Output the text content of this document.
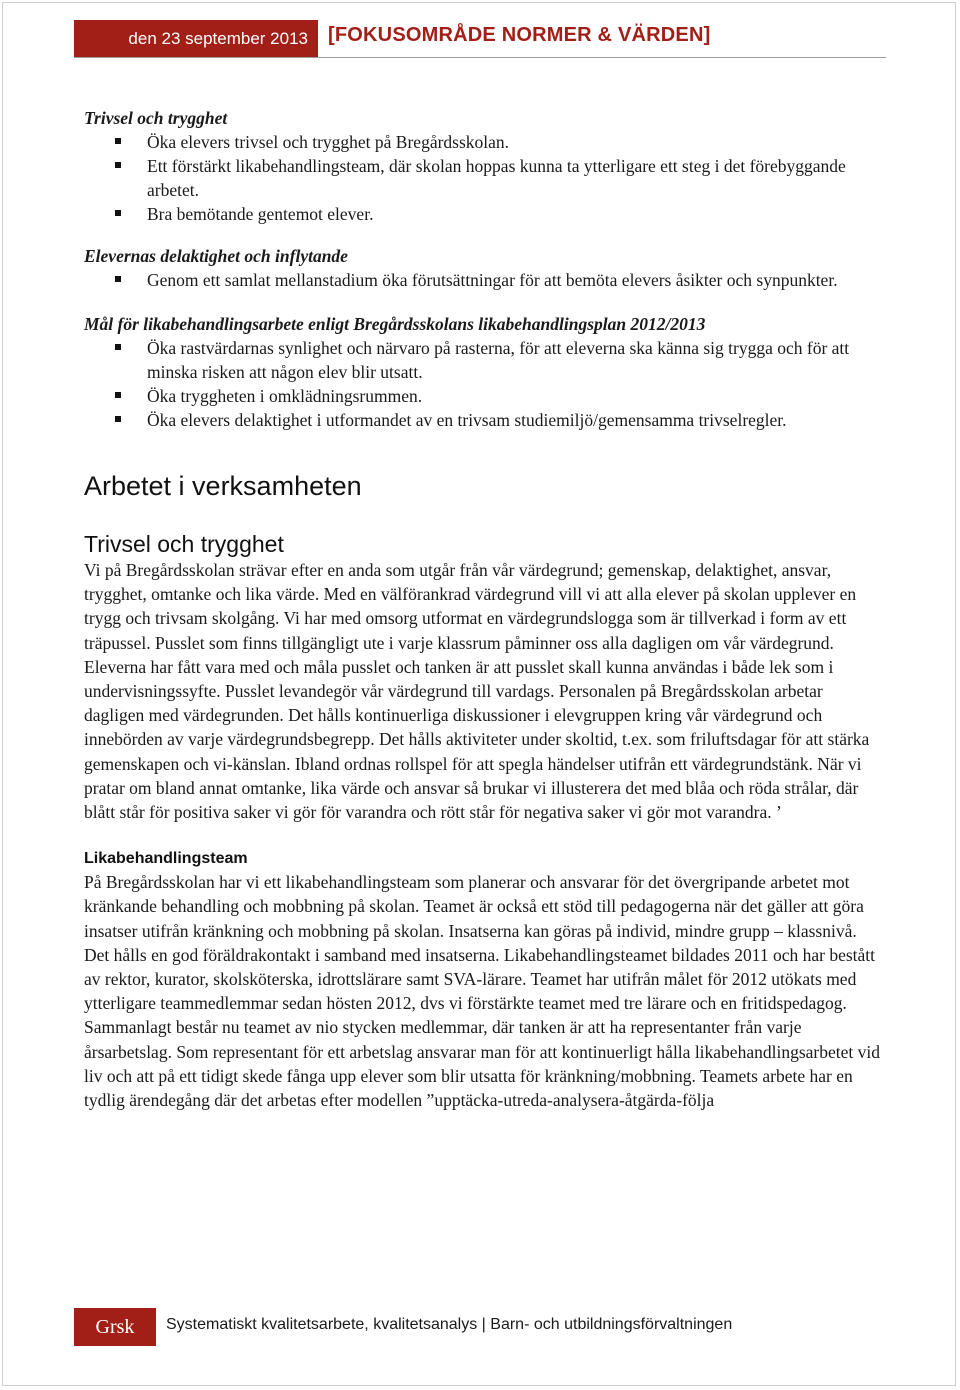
den 23 september 2013	[FOKUSOMRÅDE NORMER & VÄRDEN]

Trivsel och trygghet

Öka elevers trivsel och trygghet på Bregårdsskolan.
Ett förstärkt likabehandlingsteam, där skolan hoppas kunna ta ytterligare ett steg i det förebyggande arbetet.
Bra bemötande gentemot elever.

Elevernas delaktighet och inflytande

Genom ett samlat mellanstadium öka förutsättningar för att bemöta elevers åsikter och synpunkter.

Mål för likabehandlingsarbete enligt Bregårdsskolans likabehandlingsplan 2012/2013

Öka rastvärdarnas synlighet och närvaro på rasterna, för att eleverna ska känna sig trygga och för att minska risken att någon elev blir utsatt.
Öka tryggheten i omklädningsrummen.
Öka elevers delaktighet i utformandet av en trivsam studiemiljö/gemensamma trivselregler.
Arbetet i verksamheten
Trivsel och trygghet

Vi på Bregårdsskolan strävar efter en anda som utgår från vår värdegrund; gemenskap, delaktighet, ansvar, trygghet, omtanke och lika värde. Med en välförankrad värdegrund vill vi att alla elever på skolan upplever en trygg och trivsam skolgång. Vi har med omsorg utformat en värdegrundslogga som är tillverkad i form av ett träpussel. Pusslet som finns tillgängligt ute i varje klassrum påminner oss alla dagligen om vår värdegrund. Eleverna har fått vara med och måla pusslet och tanken är att pusslet skall kunna användas i både lek som i undervisningssyfte. Pusslet levandegör vår värdegrund till vardags. Personalen på Bregårdsskolan arbetar dagligen med värdegrunden. Det hålls kontinuerliga diskussioner i elevgruppen kring vår värdegrund och innebörden av varje värdegrundsbegrepp. Det hålls aktiviteter under skoltid, t.ex. som friluftsdagar för att stärka gemenskapen och vi-känslan. Ibland ordnas rollspel för att spegla händelser utifrån ett värdegrundstänk. När vi pratar om bland annat omtanke, lika värde och ansvar så brukar vi illusterera det med blåa och röda strålar, där blått står för positiva saker vi gör för varandra och rött står för negativa saker vi gör mot varandra. ’

Likabehandlingsteam

På Bregårdsskolan har vi ett likabehandlingsteam som planerar och ansvarar för det övergripande arbetet mot kränkande behandling och mobbning på skolan. Teamet är också ett stöd till pedagogerna när det gäller att göra insatser utifrån kränkning och mobbning på skolan. Insatserna kan göras på individ, mindre grupp – klassnivå. Det hålls en god föräldrakontakt i samband med insatserna. Likabehandlingsteamet bildades 2011 och har bestått av rektor, kurator, skolsköterska, idrottslärare samt SVA-lärare. Teamet har utifrån målet för 2012 utökats med ytterligare teammedlemmar sedan hösten 2012, dvs vi förstärkte teamet med tre lärare och en fritidspedagog. Sammanlagt består nu teamet av nio stycken medlemmar, där tanken är att ha representanter från varje årsarbetslag. Som representant för ett arbetslag ansvarar man för att kontinuerligt hålla likabehandlingsarbetet vid liv och att på ett tidigt skede fånga upp elever som blir utsatta för kränkning/mobbning. Teamets arbete har en tydlig ärendegång där det arbetas efter modellen ”upptäcka-utreda-analysera-åtgärda-följa

Grsk	Systematiskt kvalitetsarbete, kvalitetsanalys | Barn- och utbildningsförvaltningen
